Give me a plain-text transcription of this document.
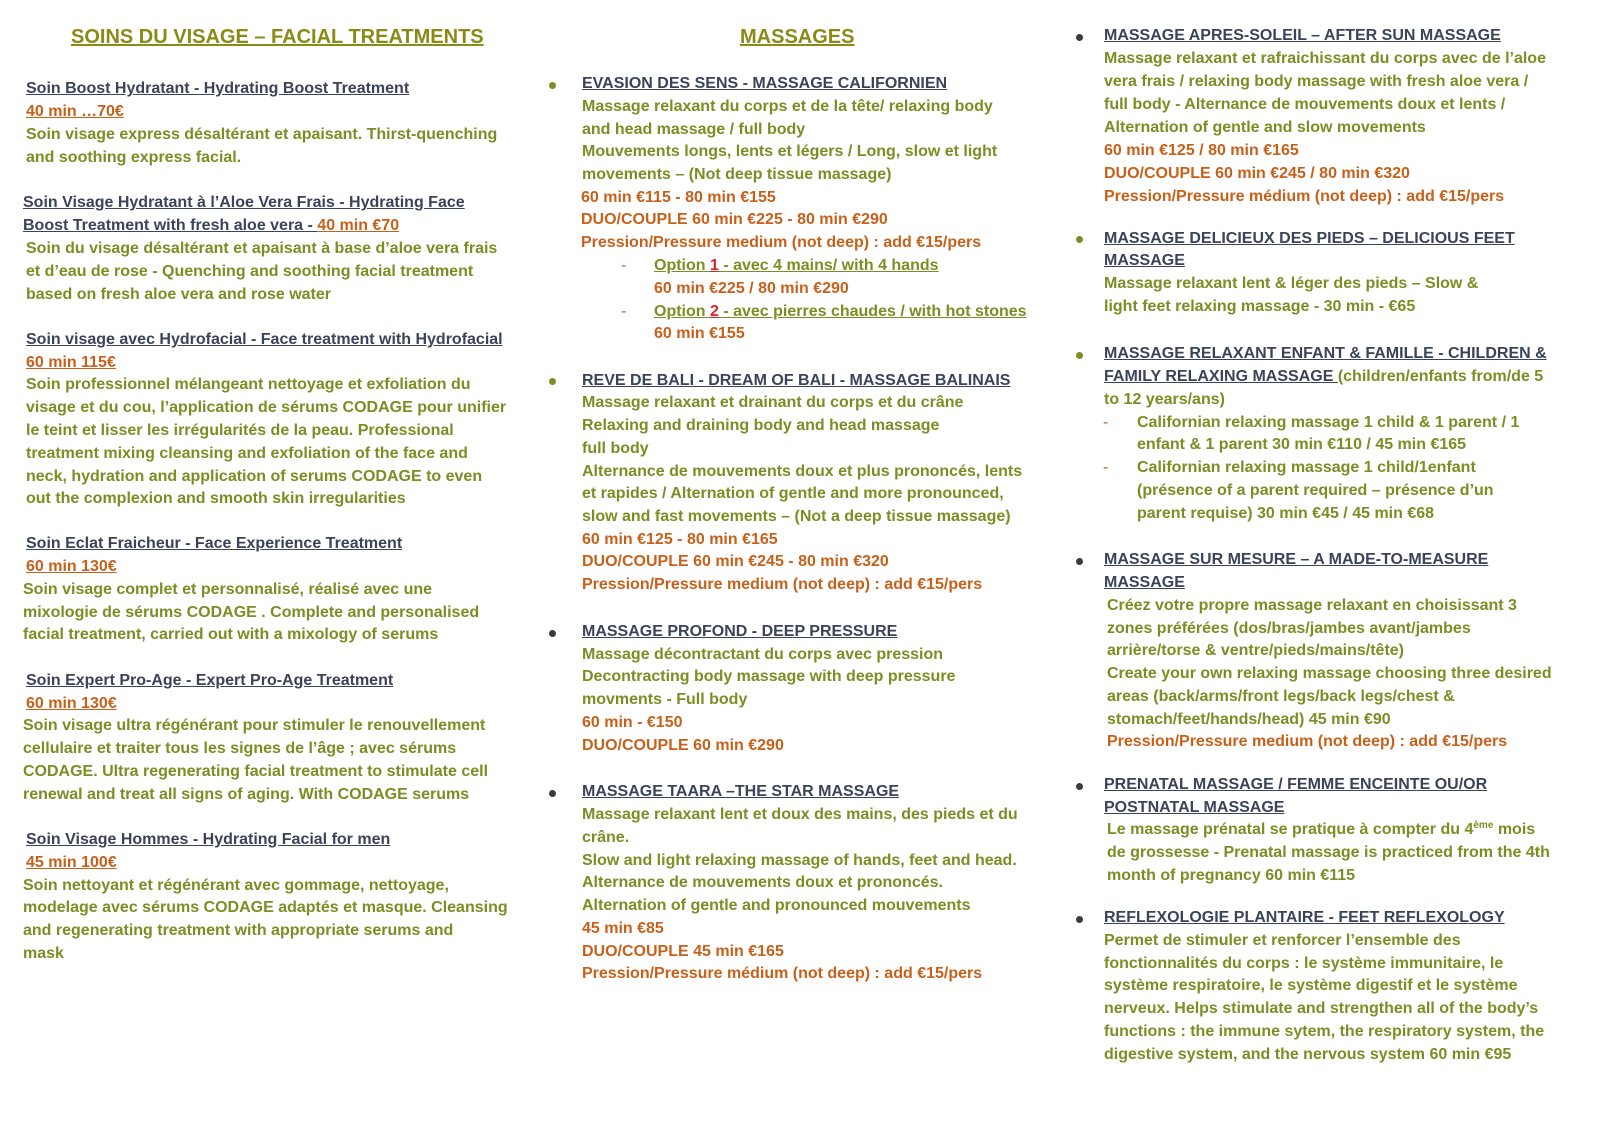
SOINS DU VISAGE – FACIAL TREATMENTS

Soin Boost Hydratant - Hydrating Boost Treatment

40 min …70€

Soin visage express désaltérant et apaisant. Thirst-quenching

and soothing express facial.

Soin Visage Hydratant à l’Aloe Vera Frais - Hydrating Face

Boost Treatment with fresh aloe vera - 40 min €70

Soin du visage désaltérant et apaisant à base d’aloe vera frais

et d’eau de rose - Quenching and soothing facial treatment

based on fresh aloe vera and rose water

Soin visage avec Hydrofacial - Face treatment with Hydrofacial

60 min 115€

Soin professionnel mélangeant nettoyage et exfoliation du

visage et du cou, l’application de sérums CODAGE pour unifier

le teint et lisser les irrégularités de la peau. Professional

treatment mixing cleansing and exfoliation of the face and

neck, hydration and application of serums CODAGE to even

out the complexion and smooth skin irregularities

Soin Eclat Fraicheur - Face Experience Treatment

60 min 130€

Soin visage complet et personnalisé, réalisé avec une

mixologie de sérums CODAGE . Complete and personalised

facial treatment, carried out with a mixology of serums

Soin Expert Pro-Age - Expert Pro-Age Treatment

60 min 130€

Soin visage ultra régénérant pour stimuler le renouvellement

cellulaire et traiter tous les signes de l’âge ; avec sérums

CODAGE. Ultra regenerating facial treatment to stimulate cell

renewal and treat all signs of aging. With CODAGE serums

Soin Visage Hommes - Hydrating Facial for men

45 min 100€

Soin nettoyant et régénérant avec gommage, nettoyage,

modelage avec sérums CODAGE adaptés et masque. Cleansing

and regenerating treatment with appropriate serums and

mask

MASSAGES

EVASION DES SENS - MASSAGE CALIFORNIEN

Massage relaxant du corps et de la tête/ relaxing body

and head massage / full body

Mouvements longs, lents et légers / Long, slow et light

movements – (Not deep tissue massage)

60 min €115 - 80 min €155

DUO/COUPLE 60 min €225 - 80 min €290

Pression/Pressure medium (not deep) : add €15/pers

- Option 1 - avec 4 mains/ with 4 hands

60 min €225 / 80 min €290

- Option 2 - avec pierres chaudes / with hot stones

60 min €155

REVE DE BALI - DREAM OF BALI - MASSAGE BALINAIS

Massage relaxant et drainant du corps et du crâne

Relaxing and draining body and head massage

full body

Alternance de mouvements doux et plus prononcés, lents

et rapides / Alternation of gentle and more pronounced,

slow and fast movements – (Not a deep tissue massage)

60 min €125 - 80 min €165

DUO/COUPLE 60 min €245 - 80 min €320

Pression/Pressure medium (not deep) : add €15/pers

MASSAGE PROFOND - DEEP PRESSURE

Massage décontractant du corps avec pression

Decontracting body massage with deep pressure

movments - Full body

60 min - €150

DUO/COUPLE 60 min €290

MASSAGE TAARA –THE STAR MASSAGE

Massage relaxant lent et doux des mains, des pieds et du

crâne.

Slow and light relaxing massage of hands, feet and head.

Alternance de mouvements doux et prononcés.

Alternation of gentle and pronounced mouvements

45 min €85

DUO/COUPLE 45 min €165

Pression/Pressure médium (not deep) : add €15/pers

MASSAGE APRES-SOLEIL – AFTER SUN MASSAGE

Massage relaxant et rafraichissant du corps avec de l’aloe

vera frais / relaxing body massage with fresh aloe vera /

full body - Alternance de mouvements doux et lents /

Alternation of gentle and slow movements

60 min €125 / 80 min €165

DUO/COUPLE 60 min €245 / 80 min €320

Pression/Pressure médium (not deep) : add €15/pers

MASSAGE DELICIEUX DES PIEDS – DELICIOUS FEET

MASSAGE

Massage relaxant lent & léger des pieds – Slow &

light feet relaxing massage - 30 min - €65

MASSAGE RELAXANT ENFANT & FAMILLE - CHILDREN &

FAMILY RELAXING MASSAGE (children/enfants from/de 5

to 12 years/ans)

- Californian relaxing massage 1 child & 1 parent / 1

enfant & 1 parent 30 min €110 / 45 min €165

- Californian relaxing massage 1 child/1enfant

(présence of a parent required – présence d’un

parent requise) 30 min €45 / 45 min €68

MASSAGE SUR MESURE – A MADE-TO-MEASURE

MASSAGE

Créez votre propre massage relaxant en choisissant 3

zones préférées (dos/bras/jambes avant/jambes

arrière/torse & ventre/pieds/mains/tête)

Create your own relaxing massage choosing three desired

areas (back/arms/front legs/back legs/chest &

stomach/feet/hands/head) 45 min €90

Pression/Pressure medium (not deep) : add €15/pers

PRENATAL MASSAGE / FEMME ENCEINTE OU/OR

POSTNATAL MASSAGE

Le massage prénatal se pratique à compter du 4ème mois

de grossesse - Prenatal massage is practiced from the 4th

month of pregnancy 60 min €115

REFLEXOLOGIE PLANTAIRE - FEET REFLEXOLOGY

Permet de stimuler et renforcer l’ensemble des

fonctionnalités du corps : le système immunitaire, le

système respiratoire, le système digestif et le système

nerveux. Helps stimulate and strengthen all of the body’s

functions : the immune sytem, the respiratory system, the

digestive system, and the nervous system 60 min €95
